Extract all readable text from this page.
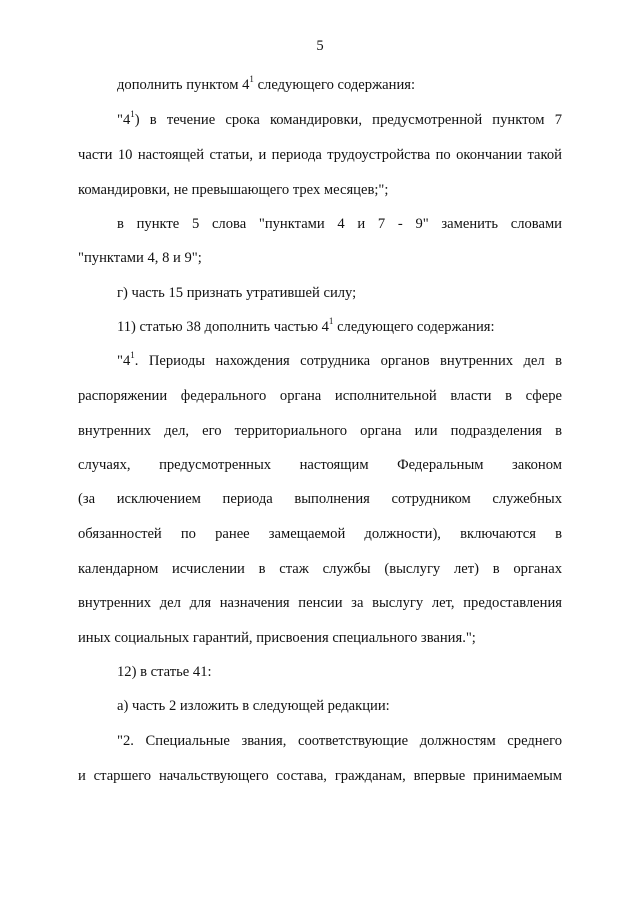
5
дополнить пунктом $4^1$ следующего содержания:
"$4^1$) в течение срока командировки, предусмотренной пунктом 7
части 10 настоящей статьи, и периода трудоустройства по окончании такой
командировки, не превышающего трех месяцев;";
в пункте 5 слова "пунктами 4 и 7 - 9" заменить словами
"пунктами 4, 8 и 9";
г) часть 15 признать утратившей силу;
11) статью 38 дополнить частью $4^1$ следующего содержания:
"$4^1$. Периоды нахождения сотрудника органов внутренних дел в
распоряжении федерального органа исполнительной власти в сфере
внутренних дел, его территориального органа или подразделения в
случаях, предусмотренных настоящим Федеральным законом
(за исключением периода выполнения сотрудником служебных
обязанностей по ранее замещаемой должности), включаются в
календарном исчислении в стаж службы (выслугу лет) в органах
внутренних дел для назначения пенсии за выслугу лет, предоставления
иных социальных гарантий, присвоения специального звания.";
12) в статье 41:
а) часть 2 изложить в следующей редакции:
"2. Специальные звания, соответствующие должностям среднего
и старшего начальствующего состава, гражданам, впервые принимаемым
